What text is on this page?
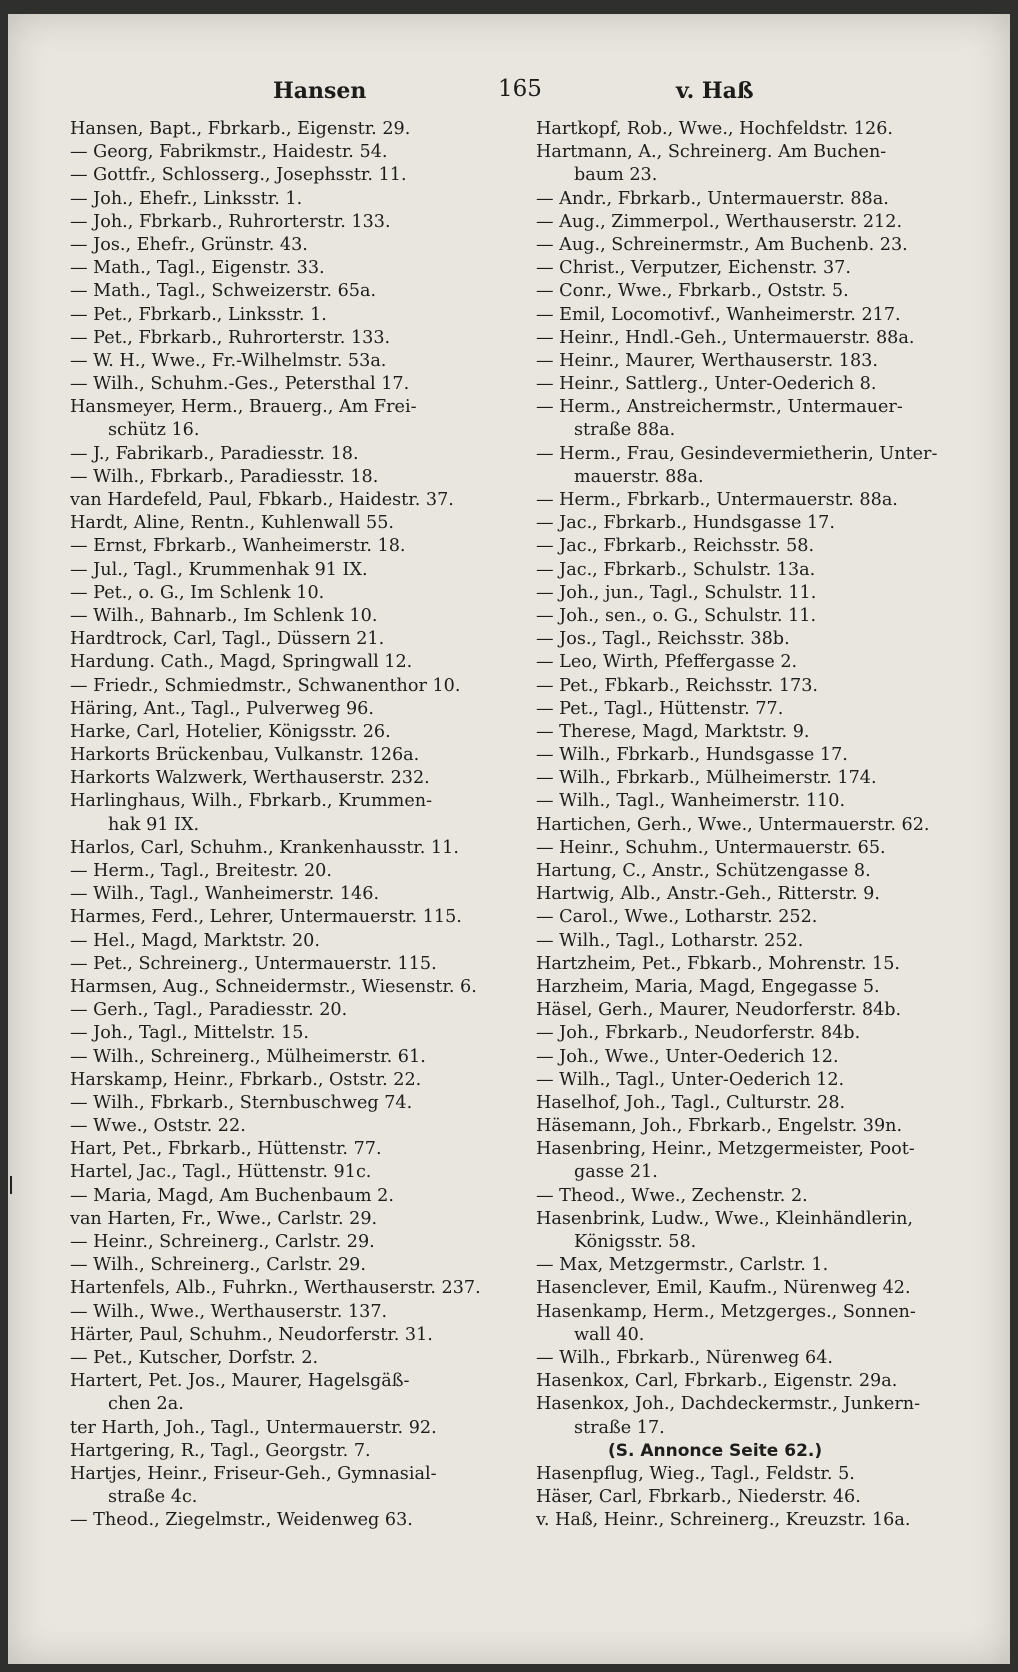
Hansen	165	v. Haß
Hansen, Bapt., Fbrkarb., Eigenstr. 29.
— Georg, Fabrikmstr., Haidestr. 54.
— Gottfr., Schlosserg., Josephsstr. 11.
— Joh., Ehefr., Linksstr. 1.
— Joh., Fbrkarb., Ruhrorterstr. 133.
— Jos., Ehefr., Grünstr. 43.
— Math., Tagl., Eigenstr. 33.
— Math., Tagl., Schweizerstr. 65a.
— Pet., Fbrkarb., Linksstr. 1.
— Pet., Fbrkarb., Ruhrorterstr. 133.
— W. H., Wwe., Fr.-Wilhelmstr. 53a.
— Wilh., Schuhm.-Ges., Petersthal 17.
Hansmeyer, Herm., Brauerg., Am Frei-
schütz 16.
— J., Fabrikarb., Paradiesstr. 18.
— Wilh., Fbrkarb., Paradiesstr. 18.
van Hardefeld, Paul, Fbkarb., Haidestr. 37.
Hardt, Aline, Rentn., Kuhlenwall 55.
— Ernst, Fbrkarb., Wanheimerstr. 18.
— Jul., Tagl., Krummenhak 91 IX.
— Pet., o. G., Im Schlenk 10.
— Wilh., Bahnarb., Im Schlenk 10.
Hardtrock, Carl, Tagl., Düssern 21.
Hardung. Cath., Magd, Springwall 12.
— Friedr., Schmiedmstr., Schwanenthor 10.
Häring, Ant., Tagl., Pulverweg 96.
Harke, Carl, Hotelier, Königsstr. 26.
Harkorts Brückenbau, Vulkanstr. 126a.
Harkorts Walzwerk, Werthauserstr. 232.
Harlinghaus, Wilh., Fbrkarb., Krummen-
hak 91 IX.
Harlos, Carl, Schuhm., Krankenhausstr. 11.
— Herm., Tagl., Breitestr. 20.
— Wilh., Tagl., Wanheimerstr. 146.
Harmes, Ferd., Lehrer, Untermauerstr. 115.
— Hel., Magd, Marktstr. 20.
— Pet., Schreinerg., Untermauerstr. 115.
Harmsen, Aug., Schneidermstr., Wiesenstr. 6.
— Gerh., Tagl., Paradiesstr. 20.
— Joh., Tagl., Mittelstr. 15.
— Wilh., Schreinerg., Mülheimerstr. 61.
Harskamp, Heinr., Fbrkarb., Oststr. 22.
— Wilh., Fbrkarb., Sternbuschweg 74.
— Wwe., Oststr. 22.
Hart, Pet., Fbrkarb., Hüttenstr. 77.
Hartel, Jac., Tagl., Hüttenstr. 91c.
— Maria, Magd, Am Buchenbaum 2.
van Harten, Fr., Wwe., Carlstr. 29.
— Heinr., Schreinerg., Carlstr. 29.
— Wilh., Schreinerg., Carlstr. 29.
Hartenfels, Alb., Fuhrkn., Werthauserstr. 237.
— Wilh., Wwe., Werthauserstr. 137.
Härter, Paul, Schuhm., Neudorferstr. 31.
— Pet., Kutscher, Dorfstr. 2.
Hartert, Pet. Jos., Maurer, Hagelsgäß-
chen 2a.
ter Harth, Joh., Tagl., Untermauerstr. 92.
Hartgering, R., Tagl., Georgstr. 7.
Hartjes, Heinr., Friseur-Geh., Gymnasial-
straße 4c.
— Theod., Ziegelmstr., Weidenweg 63.
Hartkopf, Rob., Wwe., Hochfeldstr. 126.
Hartmann, A., Schreinerg. Am Buchen-
baum 23.
— Andr., Fbrkarb., Untermauerstr. 88a.
— Aug., Zimmerpol., Werthauserstr. 212.
— Aug., Schreinermstr., Am Buchenb. 23.
— Christ., Verputzer, Eichenstr. 37.
— Conr., Wwe., Fbrkarb., Oststr. 5.
— Emil, Locomotivf., Wanheimerstr. 217.
— Heinr., Hndl.-Geh., Untermauerstr. 88a.
— Heinr., Maurer, Werthauserstr. 183.
— Heinr., Sattlerg., Unter-Oederich 8.
— Herm., Anstreichermstr., Untermauer-
straße 88a.
— Herm., Frau, Gesindevermietherin, Unter-
mauerstr. 88a.
— Herm., Fbrkarb., Untermauerstr. 88a.
— Jac., Fbrkarb., Hundsgasse 17.
— Jac., Fbrkarb., Reichsstr. 58.
— Jac., Fbrkarb., Schulstr. 13a.
— Joh., jun., Tagl., Schulstr. 11.
— Joh., sen., o. G., Schulstr. 11.
— Jos., Tagl., Reichsstr. 38b.
— Leo, Wirth, Pfeffergasse 2.
— Pet., Fbkarb., Reichsstr. 173.
— Pet., Tagl., Hüttenstr. 77.
— Therese, Magd, Marktstr. 9.
— Wilh., Fbrkarb., Hundsgasse 17.
— Wilh., Fbrkarb., Mülheimerstr. 174.
— Wilh., Tagl., Wanheimerstr. 110.
Hartichen, Gerh., Wwe., Untermauerstr. 62.
— Heinr., Schuhm., Untermauerstr. 65.
Hartung, C., Anstr., Schützengasse 8.
Hartwig, Alb., Anstr.-Geh., Ritterstr. 9.
— Carol., Wwe., Lotharstr. 252.
— Wilh., Tagl., Lotharstr. 252.
Hartzheim, Pet., Fbkarb., Mohrenstr. 15.
Harzheim, Maria, Magd, Engegasse 5.
Häsel, Gerh., Maurer, Neudorferstr. 84b.
— Joh., Fbrkarb., Neudorferstr. 84b.
— Joh., Wwe., Unter-Oederich 12.
— Wilh., Tagl., Unter-Oederich 12.
Haselhof, Joh., Tagl., Culturstr. 28.
Häsemann, Joh., Fbrkarb., Engelstr. 39n.
Hasenbring, Heinr., Metzgermeister, Poot-
gasse 21.
— Theod., Wwe., Zechenstr. 2.
Hasenbrink, Ludw., Wwe., Kleinhändlerin,
Königsstr. 58.
— Max, Metzgermstr., Carlstr. 1.
Hasenclever, Emil, Kaufm., Nürenweg 42.
Hasenkamp, Herm., Metzgerges., Sonnen-
wall 40.
— Wilh., Fbrkarb., Nürenweg 64.
Hasenkox, Carl, Fbrkarb., Eigenstr. 29a.
Hasenkox, Joh., Dachdeckermstr., Junkern-
straße 17.
(S. Annonce Seite 62.)
Hasenpflug, Wieg., Tagl., Feldstr. 5.
Häser, Carl, Fbrkarb., Niederstr. 46.
v. Haß, Heinr., Schreinerg., Kreuzstr. 16a.
